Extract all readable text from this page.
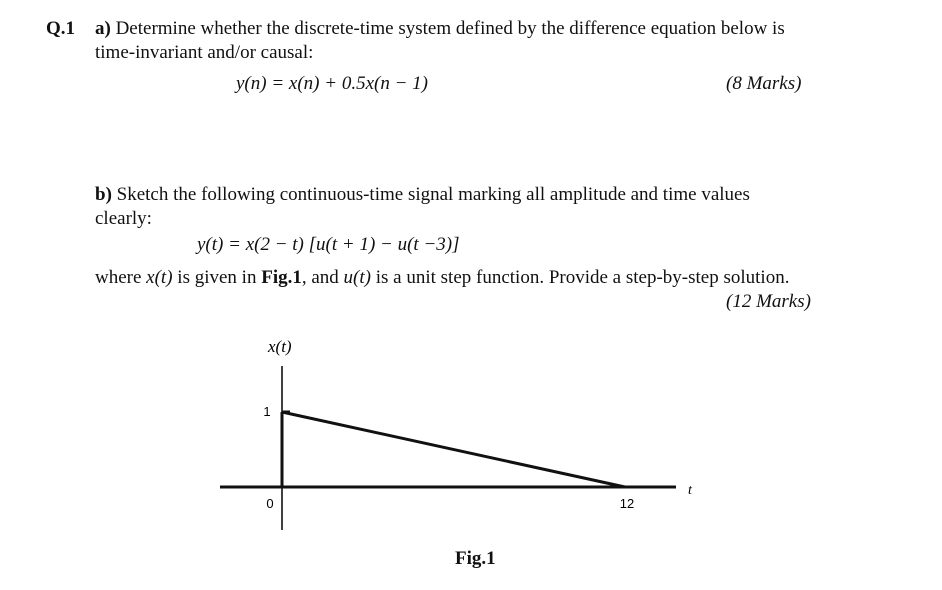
Q.1 a) Determine whether the discrete-time system defined by the difference equation below is
time-invariant and/or causal:
y(n) = x(n) + 0.5x(n − 1)	(8 Marks)
b) Sketch the following continuous-time signal marking all amplitude and time values
clearly:
y(t) = x(2 − t) [u(t + 1) − u(t −3)]
where x(t) is given in Fig.1, and u(t) is a unit step function. Provide a step-by-step solution.
(12 Marks)
x(t)
1
0	12
t
Fig.1
